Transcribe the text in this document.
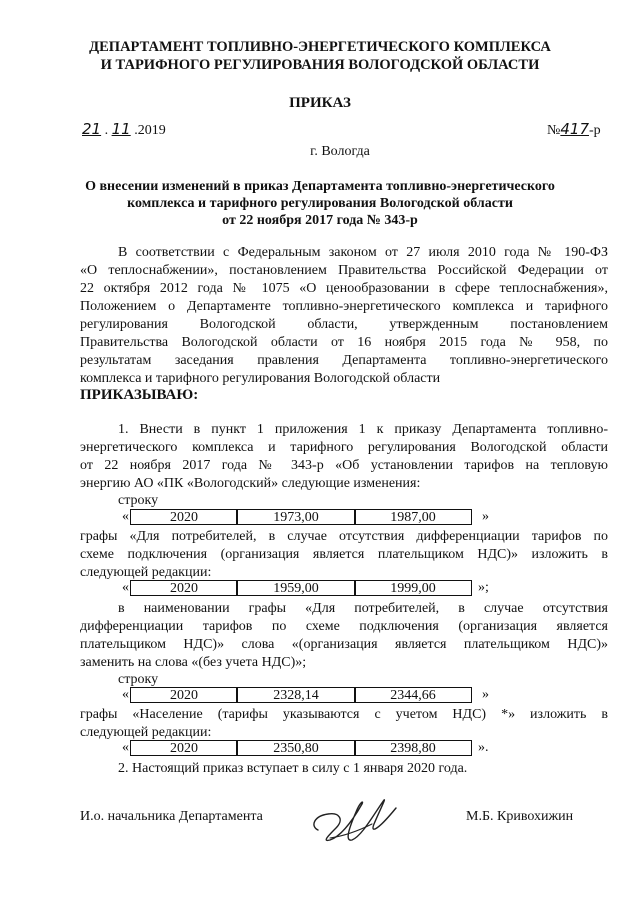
ДЕПАРТАМЕНТ ТОПЛИВНО-ЭНЕРГЕТИЧЕСКОГО КОМПЛЕКСА
И ТАРИФНОГО РЕГУЛИРОВАНИЯ ВОЛОГОДСКОЙ ОБЛАСТИ
ПРИКАЗ
21 . 11 .2019	№417-р
г. Вологда
О внесении изменений в приказ Департамента топливно-энергетического
комплекса и тарифного регулирования Вологодской области
от 22 ноября 2017 года № 343-р
В соответствии с Федеральным законом от 27 июля 2010 года № 190-ФЗ
«О теплоснабжении», постановлением Правительства Российской Федерации от
22 октября 2012 года № 1075 «О ценообразовании в сфере теплоснабжения»,
Положением о Департаменте топливно-энергетического комплекса и тарифного
регулирования Вологодской области, утвержденным постановлением
Правительства Вологодской области от 16 ноября 2015 года № 958, по
результатам заседания правления Департамента топливно-энергетического
комплекса и тарифного регулирования Вологодской области
ПРИКАЗЫВАЮ:
1. Внести в пункт 1 приложения 1 к приказу Департамента топливно-
энергетического комплекса и тарифного регулирования Вологодской области
от 22 ноября 2017 года № 343-р «Об установлении тарифов на тепловую
энергию АО «ПК «Вологодский» следующие изменения:
строку
«	2020	1973,00	1987,00	»
графы «Для потребителей, в случае отсутствия дифференциации тарифов по
схеме подключения (организация является плательщиком НДС)» изложить в
следующей редакции:
«	2020	1959,00	1999,00	»;
в наименовании графы «Для потребителей, в случае отсутствия
дифференциации тарифов по схеме подключения (организация является
плательщиком НДС)» слова «(организация является плательщиком НДС)»
заменить на слова «(без учета НДС)»;
строку
«	2020	2328,14	2344,66	»
графы «Население (тарифы указываются с учетом НДС) *» изложить в
следующей редакции:
«	2020	2350,80	2398,80	».
2. Настоящий приказ вступает в силу с 1 января 2020 года.
И.о. начальника Департамента	М.Б. Кривохижин
